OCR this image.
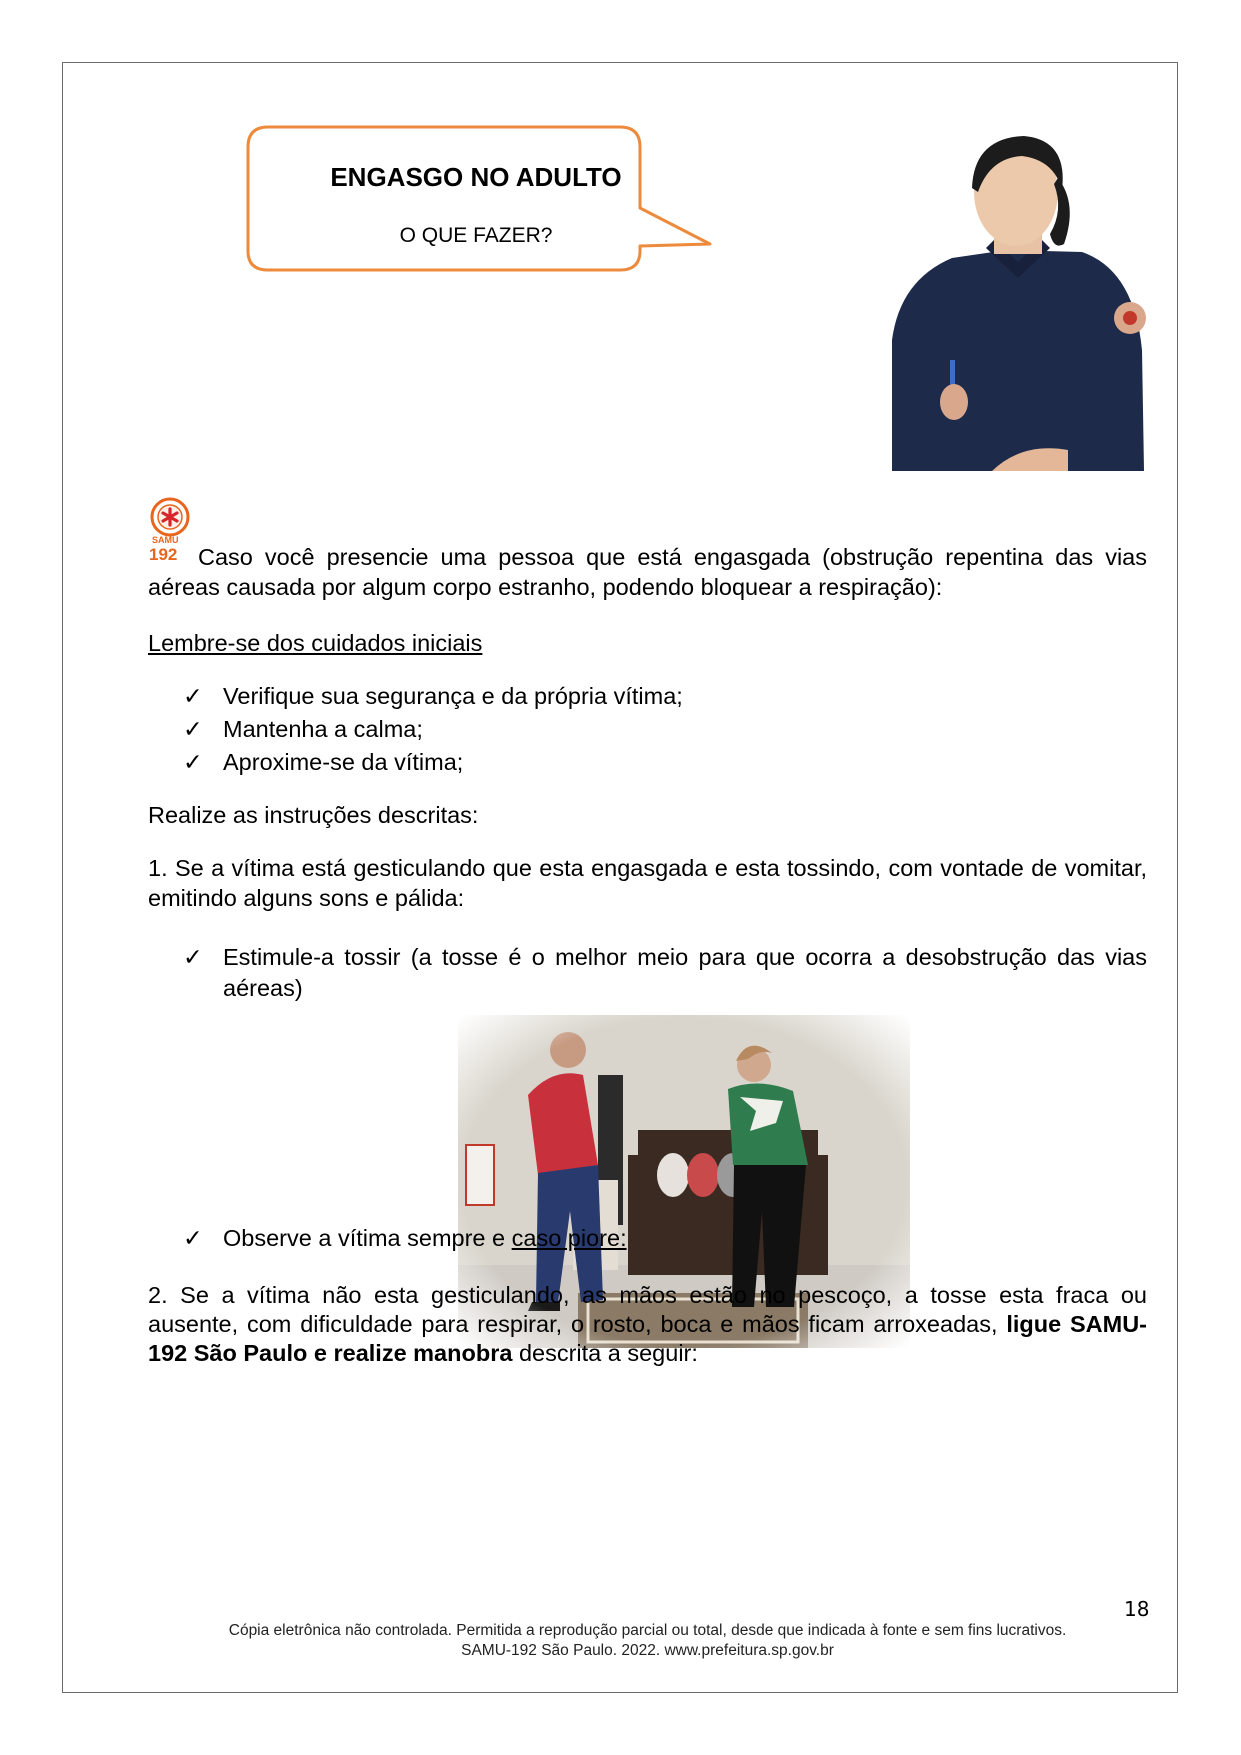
ENGASGO NO ADULTO
O QUE FAZER?
SAMU
192 Caso você presencie uma pessoa que está engasgada (obstrução repentina das vias aéreas causada por algum corpo estranho, podendo bloquear a respiração):
Lembre-se dos cuidados iniciais
✓ Verifique sua segurança e da própria vítima;
✓ Mantenha a calma;
✓ Aproxime-se da vítima;
Realize as instruções descritas:
1. Se a vítima está gesticulando que esta engasgada e esta tossindo, com vontade de vomitar, emitindo alguns sons e pálida:
✓ Estimule-a tossir (a tosse é o melhor meio para que ocorra a desobstrução das vias aéreas)
✓ Observe a vítima sempre e caso piore:
2. Se a vítima não esta gesticulando, as mãos estão no pescoço, a tosse esta fraca ou ausente, com dificuldade para respirar, o rosto, boca e mãos ficam arroxeadas, ligue SAMU-192 São Paulo e realize manobra descrita a seguir:
18
Cópia eletrônica não controlada. Permitida a reprodução parcial ou total, desde que indicada à fonte e sem fins lucrativos.
SAMU-192 São Paulo. 2022. www.prefeitura.sp.gov.br
